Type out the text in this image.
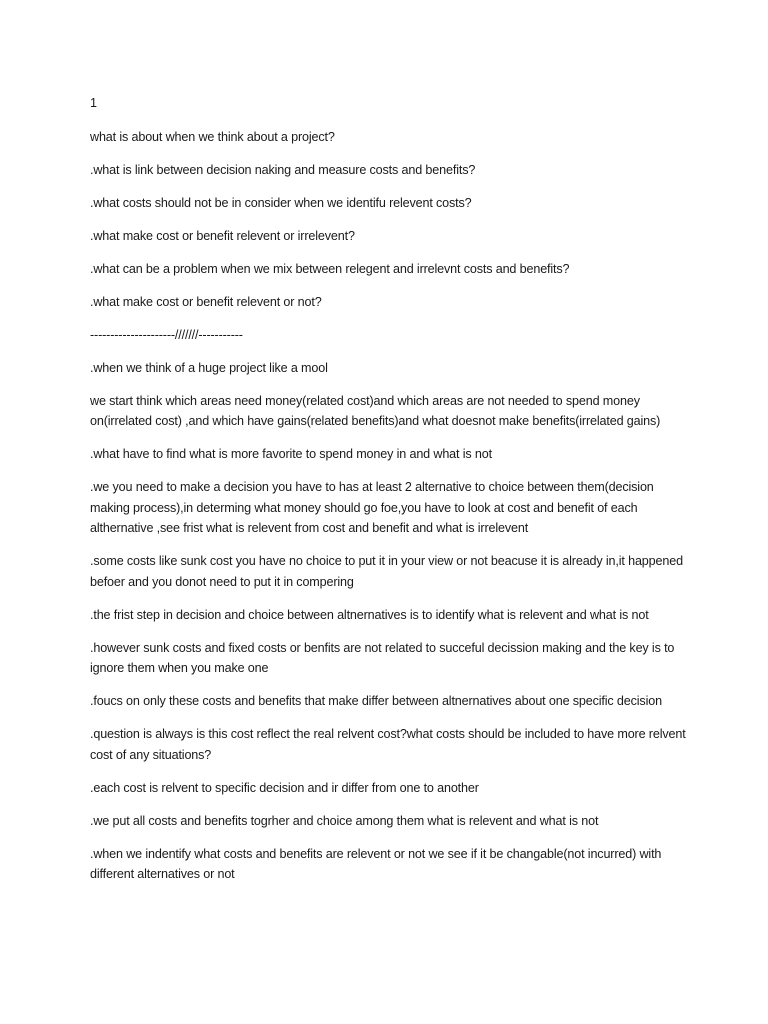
1

what is about when we think about a project?

.what is link between decision naking and measure costs and benefits?

.what costs should not be in consider when we identifu relevent costs?

.what make cost or benefit relevent or irrelevent?

.what can be a problem when we mix between relegent and irrelevnt costs and benefits?

.what make cost or benefit relevent or not?

---------------------///////-----------

.when we think of a huge project like a mool

we start think which areas need money(related cost)and which areas are not needed to spend money on(irrelated cost) ,and which have gains(related benefits)and what doesnot make benefits(irrelated gains)

.what have to find what is more favorite to spend money in and what is not

.we you need to make a decision you have to has at least 2 alternative to choice between them(decision making process),in determing what money should go foe,you have to look at cost and benefit of each althernative ,see frist what is relevent from cost and benefit and what is irrelevent

.some costs like sunk cost you have no choice to put it in your view or not beacuse it is already in,it happened befoer and you donot need to put it in compering

.the frist step in decision and choice between altnernatives is to identify what is relevent and what is not

.however sunk costs and fixed costs or benfits are not related to succeful decission making and the key is to ignore them when you make one

.foucs on only these costs and benefits that make differ between altnernatives about one specific decision

.question is always is this cost reflect the real relvent cost?what costs should be included to have more relvent cost of any situations?

.each cost is relvent to specific decision and ir differ from one to another

.we put all costs and benefits togrher and choice among them what is relevent and what is not

.when we indentify what costs and benefits are relevent or not we see if it be changable(not incurred) with different alternatives or not
